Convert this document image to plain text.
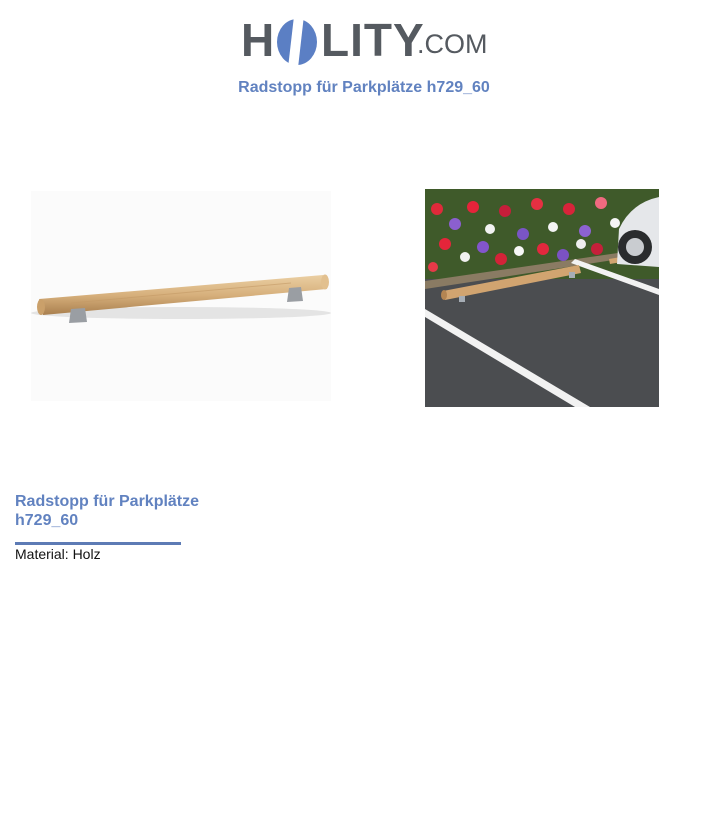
H LITY
.COM
Radstopp für Parkplätze h729_60
Radstopp für Parkplätze
h729_60
Material: Holz
